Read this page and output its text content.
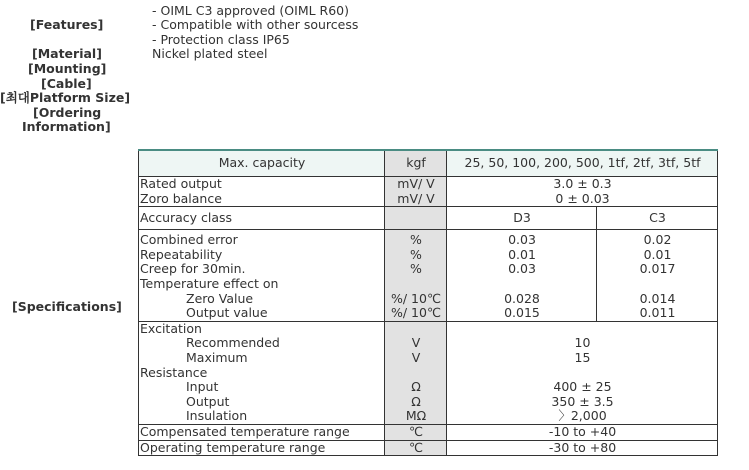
[Features]
[Material]
[Mounting]
[Cable]
[최대Platform Size]
[Ordering
Information]
[Specifications]
- OIML C3 approved (OIML R60)
- Compatible with other sourcess
- Protection class IP65
Nickel plated steel
Max. capacity	kgf	25, 50, 100, 200, 500, 1tf, 2tf, 3tf, 5tf	
Rated output	mV/ V	3.0 ± 0.3	
Zoro balance	mV/ V	0 ± 0.03	
Accuracy class		D3	C3
Combined error	%	0.03	0.02
Repeatability	%	0.01	0.01
Creep for 30min.	%	0.03	0.017
Temperature effect on			
Zero Value	%/ 10℃	0.028	0.014
Output value	%/ 10℃	0.015	0.011
Excitation			
Recommended	V	10	
Maximum	V	15	
Resistance			
Input	Ω	400 ± 25	
Output	Ω	350 ± 3.5	
Insulation	MΩ	〉2,000	
Compensated temperature range	℃	-10 to +40	
Operating temperature range	℃	-30 to +80	
